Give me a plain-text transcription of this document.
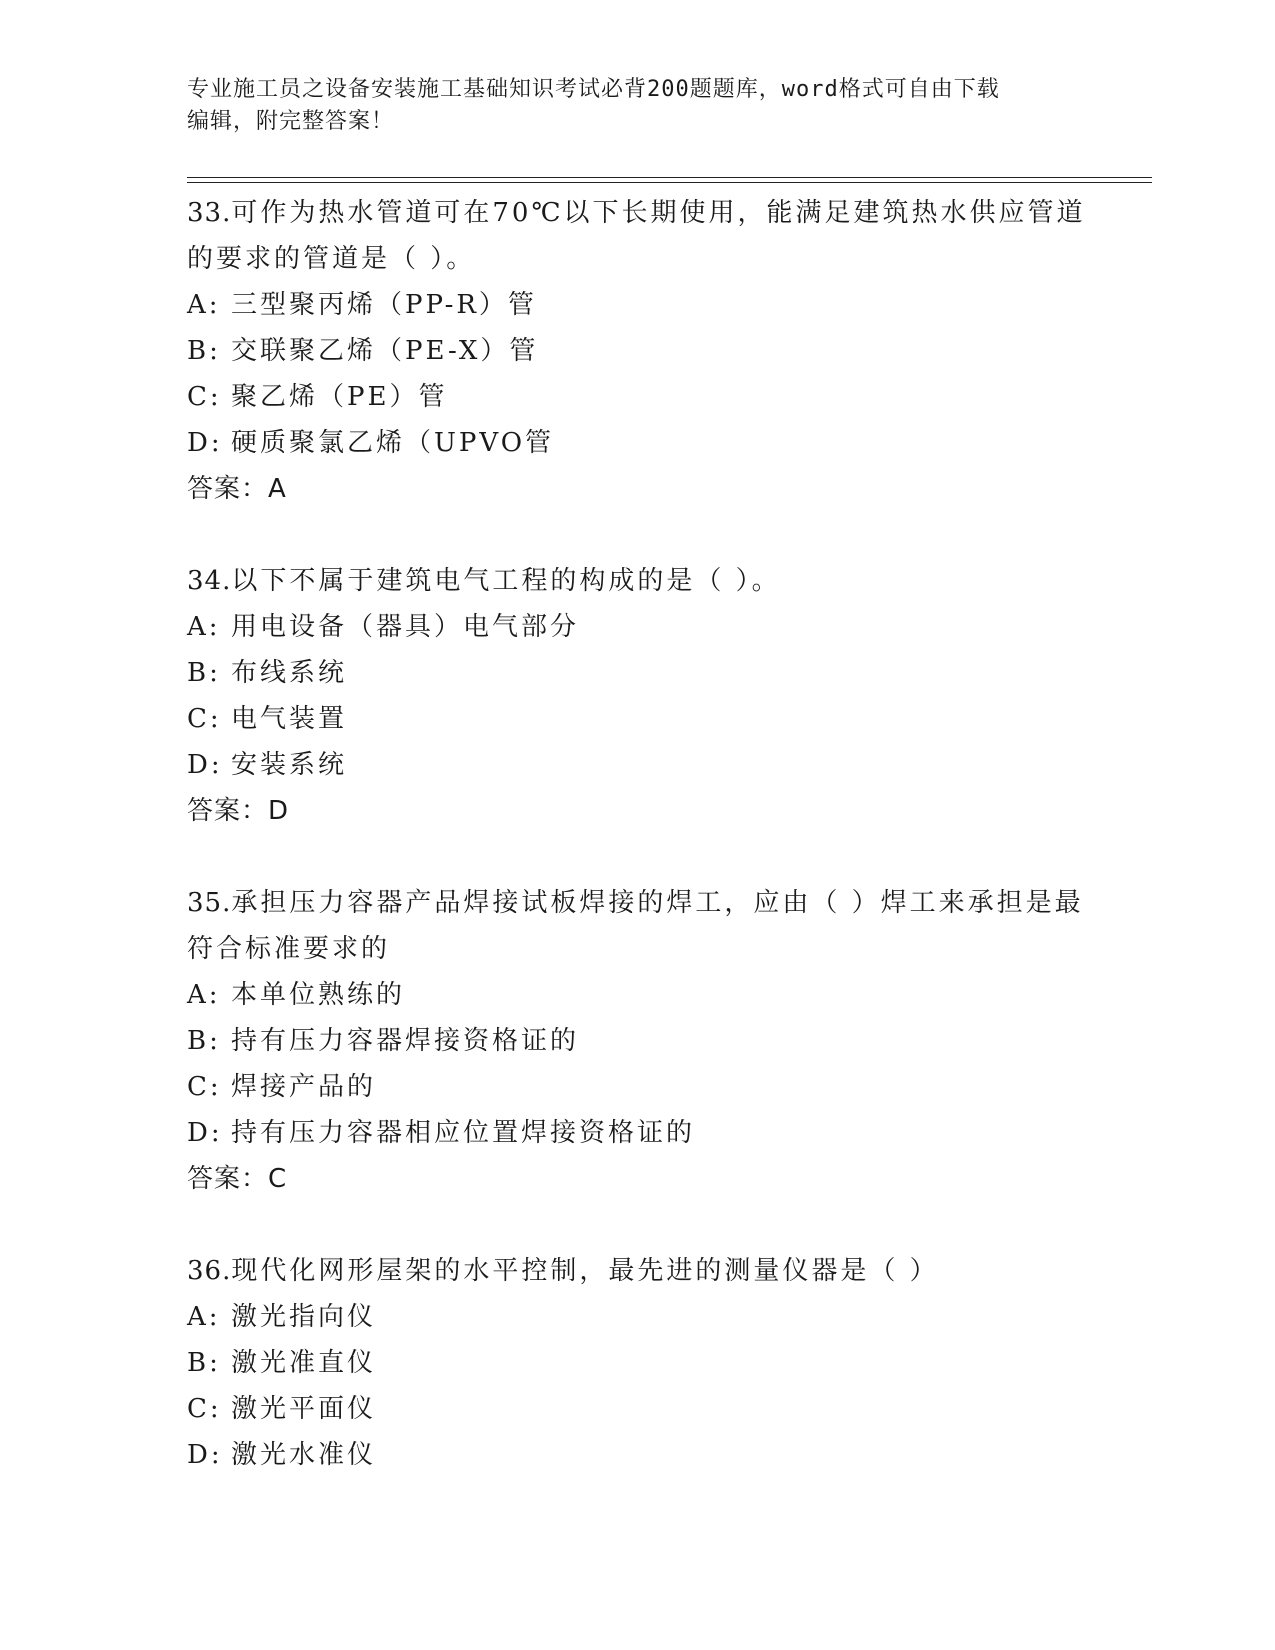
专业施工员之设备安装施工基础知识考试必背200题题库，word格式可自由下载
编辑，附完整答案！
33.可作为热水管道可在70℃以下长期使用，能满足建筑热水供应管道的要求的管道是（ ）。
A: 三型聚丙烯（PP-R）管
B: 交联聚乙烯（PE-X）管
C: 聚乙烯（PE）管
D: 硬质聚氯乙烯（UPVO管
答案：A
34.以下不属于建筑电气工程的构成的是（ ）。
A: 用电设备（器具）电气部分
B: 布线系统
C: 电气装置
D: 安装系统
答案：D
35.承担压力容器产品焊接试板焊接的焊工，应由（ ）焊工来承担是最符合标准要求的
A: 本单位熟练的
B: 持有压力容器焊接资格证的
C: 焊接产品的
D: 持有压力容器相应位置焊接资格证的
答案：C
36.现代化网形屋架的水平控制，最先进的测量仪器是（ ）
A: 激光指向仪
B: 激光准直仪
C: 激光平面仪
D: 激光水准仪
